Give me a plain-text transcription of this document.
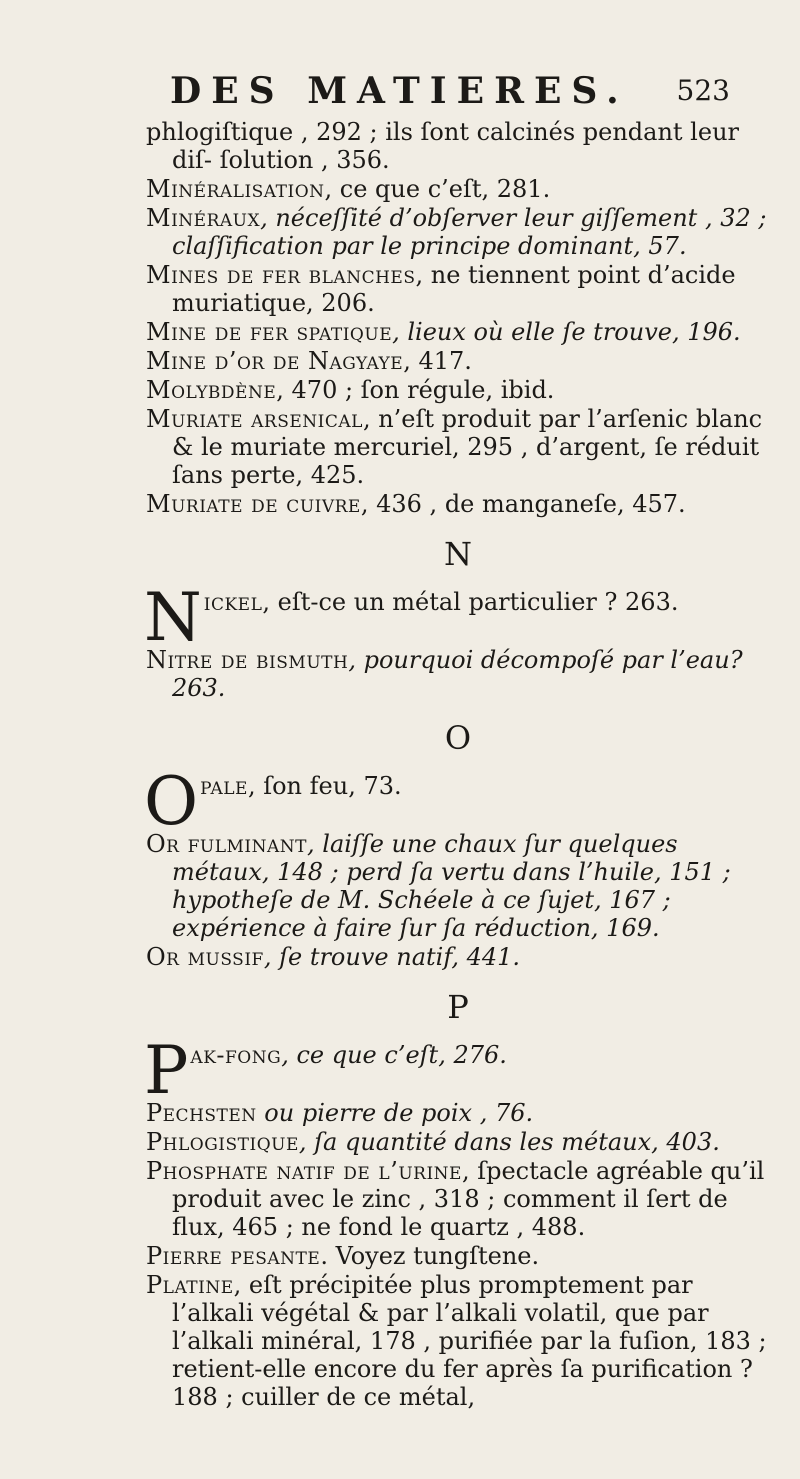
DES MATIERES. 523

phlogiſtique , 292 ; ils ſont calcinés pendant leur diſ- ſolution , 356.

Minéralisation, ce que c’eſt, 281.

Minéraux, néceſſité d’obſerver leur giſſement , 32 ; claſſification par le principe dominant, 57.

Mines de fer blanches, ne tiennent point d’acide muriatique, 206.

Mine de fer spatique, lieux où elle ſe trouve, 196.

Mine d’or de Nagyaye, 417.

Molybdène, 470 ; ſon régule, ibid.

Muriate arsenical, n’eſt produit par l’arſenic blanc & le muriate mercuriel, 295 , d’argent, ſe réduit ſans perte, 425.

Muriate de cuivre, 436 , de manganeſe, 457.

N

Nickel, eſt-ce un métal particulier ? 263.

Nitre de bismuth, pourquoi décompoſé par l’eau? 263.

O

Opale, ſon feu, 73.

Or fulminant, laiſſe une chaux ſur quelques métaux, 148 ; perd ſa vertu dans l’huile, 151 ; hypotheſe de M. Schéele à ce ſujet, 167 ; expérience à faire ſur ſa réduction, 169.

Or mussif, ſe trouve natif, 441.

P

Pak-fong, ce que c’eſt, 276.

Pechsten ou pierre de poix , 76.

Phlogistique, ſa quantité dans les métaux, 403.

Phosphate natif de l’urine, ſpectacle agréable qu’il produit avec le zinc , 318 ; comment il ſert de flux, 465 ; ne fond le quartz , 488.

Pierre pesante. Voyez tungſtene.

Platine, eſt précipitée plus promptement par l’alkali végétal & par l’alkali volatil, que par l’alkali minéral, 178 , purifiée par la fuſion, 183 ; retient-elle encore du fer après ſa purification ? 188 ; cuiller de ce métal,
